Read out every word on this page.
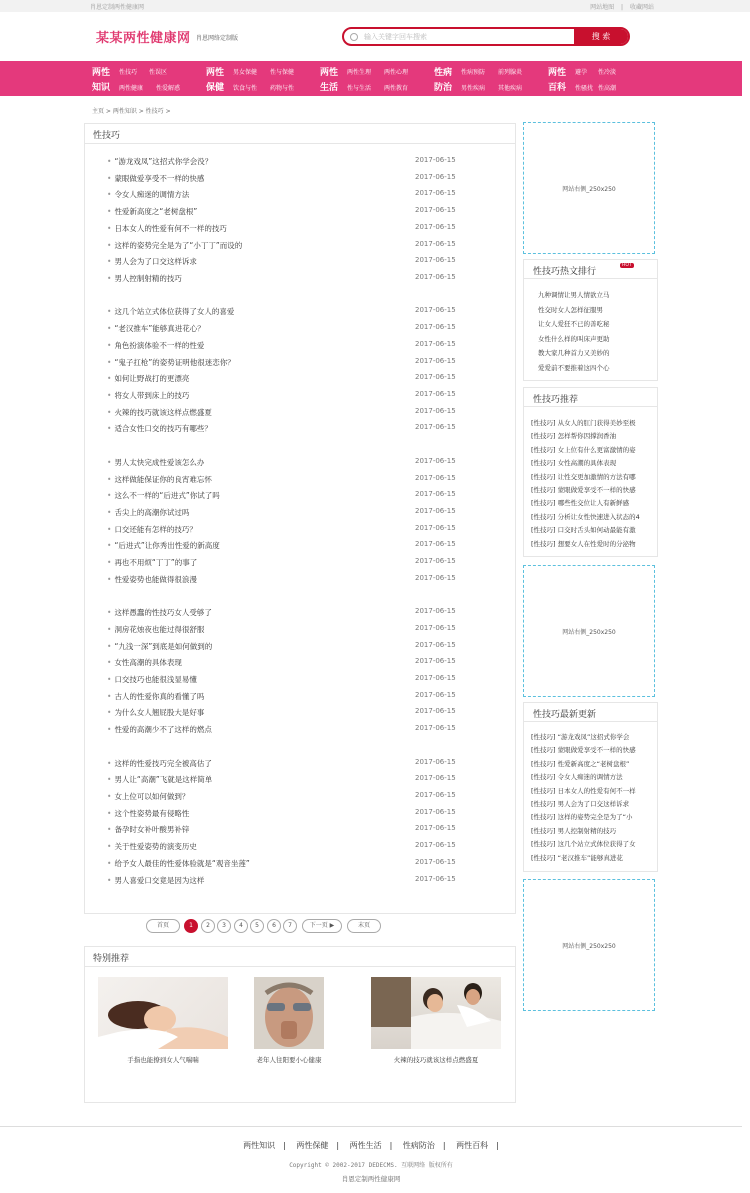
肖恩定制两性健康网	网站地图 | 收藏网站
某某两性健康网 肖恩网络定制版	输入关键字回车搜索	搜 索
两性
知识
性技巧 性误区
两性健康 性爱解惑
两性
保健
男女保健 性与保健
饮食与性 药物与性
两性
生活
两性生理 两性心理
性与生活 两性教育
性病
防治
性病预防 前列腺炎
男性疾病 其他疾病
两性
百科
避孕 性冷淡
性骚扰 性高潮
主页 > 两性知识 > 性技巧 >
性技巧
• “游龙戏凤”这招式你学会没？	2017-06-15
• 蒙眼做爱享受不一样的快感	2017-06-15
• 令女人痴迷的调情方法	2017-06-15
• 性爱新高度之“老树盘根”	2017-06-15
• 日本女人的性爱有何不一样的技巧	2017-06-15
• 这样的姿势完全是为了“小丁丁”而设的	2017-06-15
• 男人会为了口交这样诉求	2017-06-15
• 男人控制射精的技巧	2017-06-15
• 这几个站立式体位获得了女人的喜爱	2017-06-15
• “老汉推车”能够真进花心？	2017-06-15
• 角色扮演体验不一样的性爱	2017-06-15
• “鬼子扛枪”的姿势证明他很迷恋你？	2017-06-15
• 如何让野战打的更漂亮	2017-06-15
• 将女人带到床上的技巧	2017-06-15
• 火辣的技巧就该这样点燃盛夏	2017-06-15
• 适合女性口交的技巧有哪些？	2017-06-15
• 男人太快完成性爱该怎么办	2017-06-15
• 这样做能保证你的良宵难忘怀	2017-06-15
• 这么不一样的“后进式”你试了吗	2017-06-15
• 舌尖上的高潮你试过吗	2017-06-15
• 口交还能有怎样的技巧？	2017-06-15
• “后进式”让你秀出性爱的新高度	2017-06-15
• 再也不用烦“丁丁”的事了	2017-06-15
• 性爱姿势也能做得很浪漫	2017-06-15
• 这样愚蠢的性技巧女人受够了	2017-06-15
• 洞房花烛夜也能过得很舒服	2017-06-15
• “九浅一深”到底是如何做到的	2017-06-15
• 女性高潮的具体表现	2017-06-15
• 口交技巧也能很浅显易懂	2017-06-15
• 古人的性爱你真的看懂了吗	2017-06-15
• 为什么女人翘屁股大是好事	2017-06-15
• 性爱的高潮少不了这样的燃点	2017-06-15
• 这样的性爱技巧完全被高估了	2017-06-15
• 男人让“高潮”飞就是这样简单	2017-06-15
• 女上位可以如何做到？	2017-06-15
• 这个性姿势最有侵略性	2017-06-15
• 备孕时女补叶酸男补锌	2017-06-15
• 关于性爱姿势的演变历史	2017-06-15
• 给予女人最佳的性爱体验就是“观音坐莲”	2017-06-15
• 男人喜爱口交竟是因为这样	2017-06-15
首页	1	2	3	4	5	6	7	下一页 ▶	末页
特别推荐
手指也能撩到女人气喘喘	老年人往阳要小心健康	火辣的技巧就该这样点燃盛夏
网站右侧_250x250
性技巧热文排行
HOT
九种调情让男人情欲立马
性交时女人怎样征服男
让女人爱狂不已的善吃秘
女性什么样的叫床声更助
教大家几种首力又美妙的
爱爱前不要推着这四个心
性技巧推荐
[性技巧] 从女人的肛门获得美妙至极
[性技巧] 怎样帮你因撑润香油
[性技巧] 女上位有什么更富激情的姿
[性技巧] 女性高潮的具体表现
[性技巧] 让性交更加激情的方法有哪
[性技巧] 蒙眼做爱享受不一样的快感
[性技巧] 哪些性交位让人有新鲜感
[性技巧] 分析让女性快速进入状态的4
[性技巧] 口交时舌头如何动最能有激
[性技巧] 想要女人在性爱时的分泌物
网站右侧_250x250
性技巧最新更新
[性技巧] “游龙戏凤”这招式你学会
[性技巧] 蒙眼做爱享受不一样的快感
[性技巧] 性爱新高度之“老树盘根”
[性技巧] 令女人痴迷的调情方法
[性技巧] 日本女人的性爱有何不一样
[性技巧] 男人会为了口交这样诉求
[性技巧] 这样的姿势完全是为了“小
[性技巧] 男人控制射精的技巧
[性技巧] 这几个站立式体位获得了女
[性技巧] “老汉推车”能够真进花
网站右侧_250x250
两性知识 | 两性保健 | 两性生活 | 性病防治 | 两性百科 |
Copyright © 2002-2017 DEDECMS. 互联网络 版权所有
肖恩定制两性健康网
